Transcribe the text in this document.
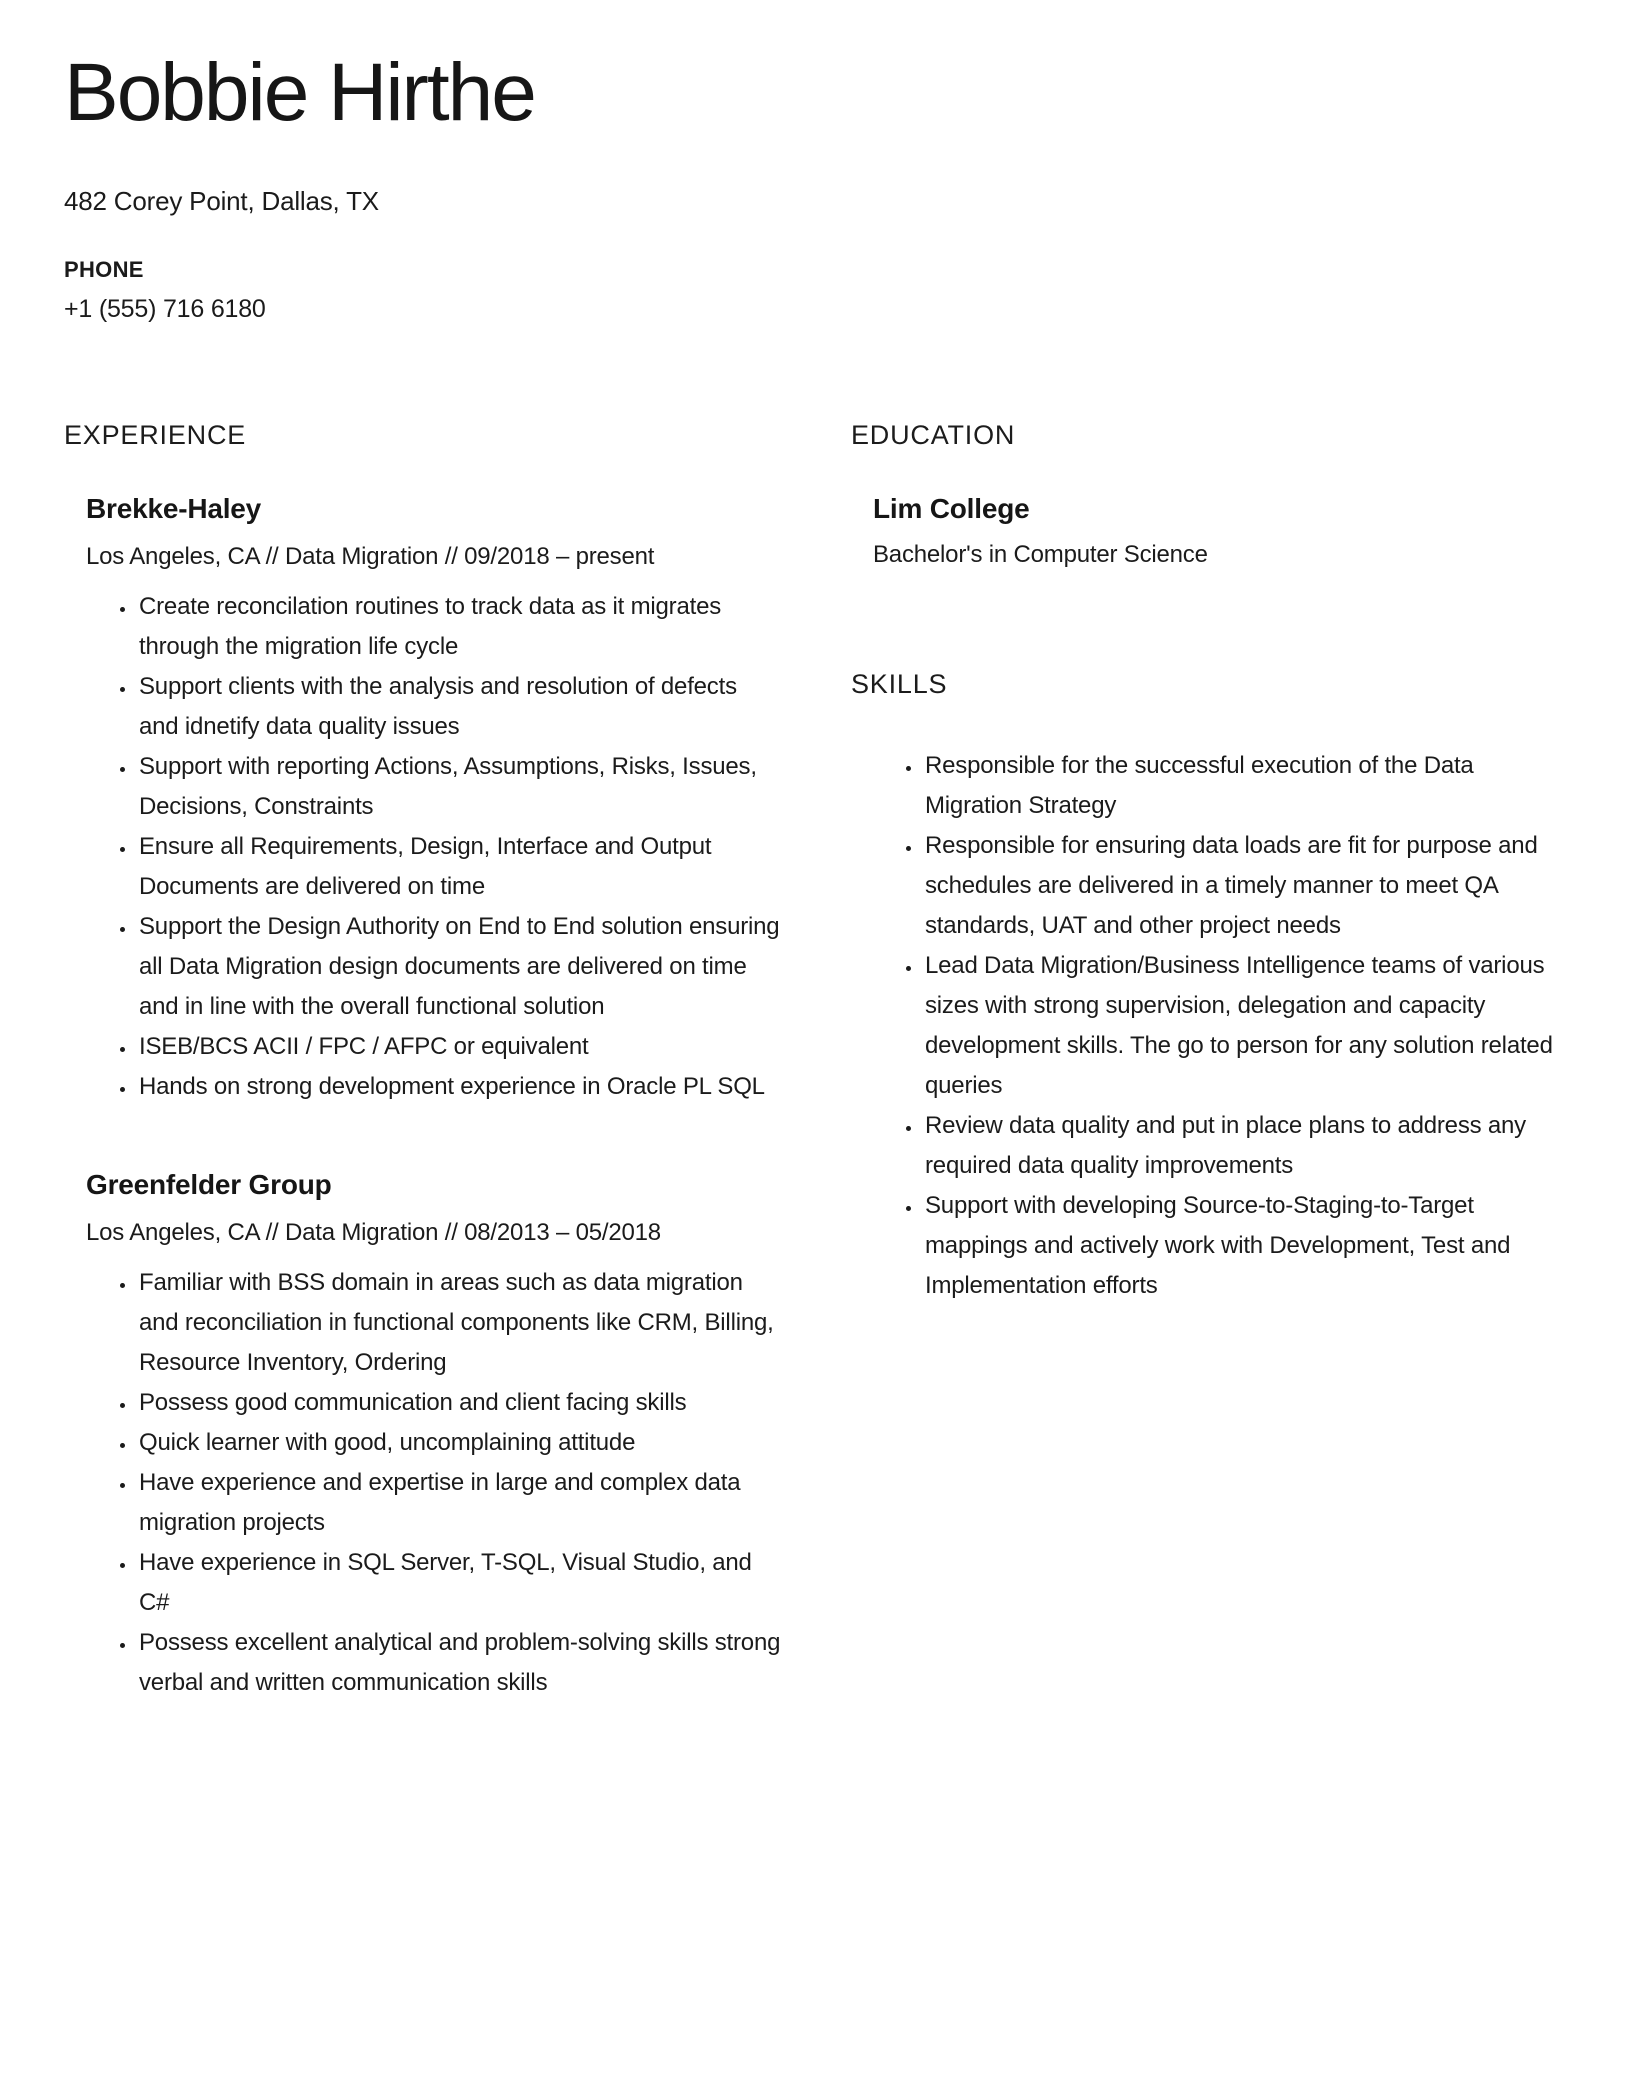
Bobbie Hirthe
482 Corey Point, Dallas, TX
PHONE
+1 (555) 716 6180
EXPERIENCE
Brekke-Haley
Los Angeles, CA // Data Migration // 09/2018 – present
• Create reconcilation routines to track data as it migrates through the migration life cycle
• Support clients with the analysis and resolution of defects and idnetify data quality issues
• Support with reporting Actions, Assumptions, Risks, Issues, Decisions, Constraints
• Ensure all Requirements, Design, Interface and Output Documents are delivered on time
• Support the Design Authority on End to End solution ensuring all Data Migration design documents are delivered on time and in line with the overall functional solution
• ISEB/BCS ACII / FPC / AFPC or equivalent
• Hands on strong development experience in Oracle PL SQL
Greenfelder Group
Los Angeles, CA // Data Migration // 08/2013 – 05/2018
• Familiar with BSS domain in areas such as data migration and reconciliation in functional components like CRM, Billing, Resource Inventory, Ordering
• Possess good communication and client facing skills
• Quick learner with good, uncomplaining attitude
• Have experience and expertise in large and complex data migration projects
• Have experience in SQL Server, T-SQL, Visual Studio, and C#
• Possess excellent analytical and problem-solving skills strong verbal and written communication skills
EDUCATION
Lim College
Bachelor's in Computer Science
SKILLS
• Responsible for the successful execution of the Data Migration Strategy
• Responsible for ensuring data loads are fit for purpose and schedules are delivered in a timely manner to meet QA standards, UAT and other project needs
• Lead Data Migration/Business Intelligence teams of various sizes with strong supervision, delegation and capacity development skills. The go to person for any solution related queries
• Review data quality and put in place plans to address any required data quality improvements
• Support with developing Source-to-Staging-to-Target mappings and actively work with Development, Test and Implementation efforts
